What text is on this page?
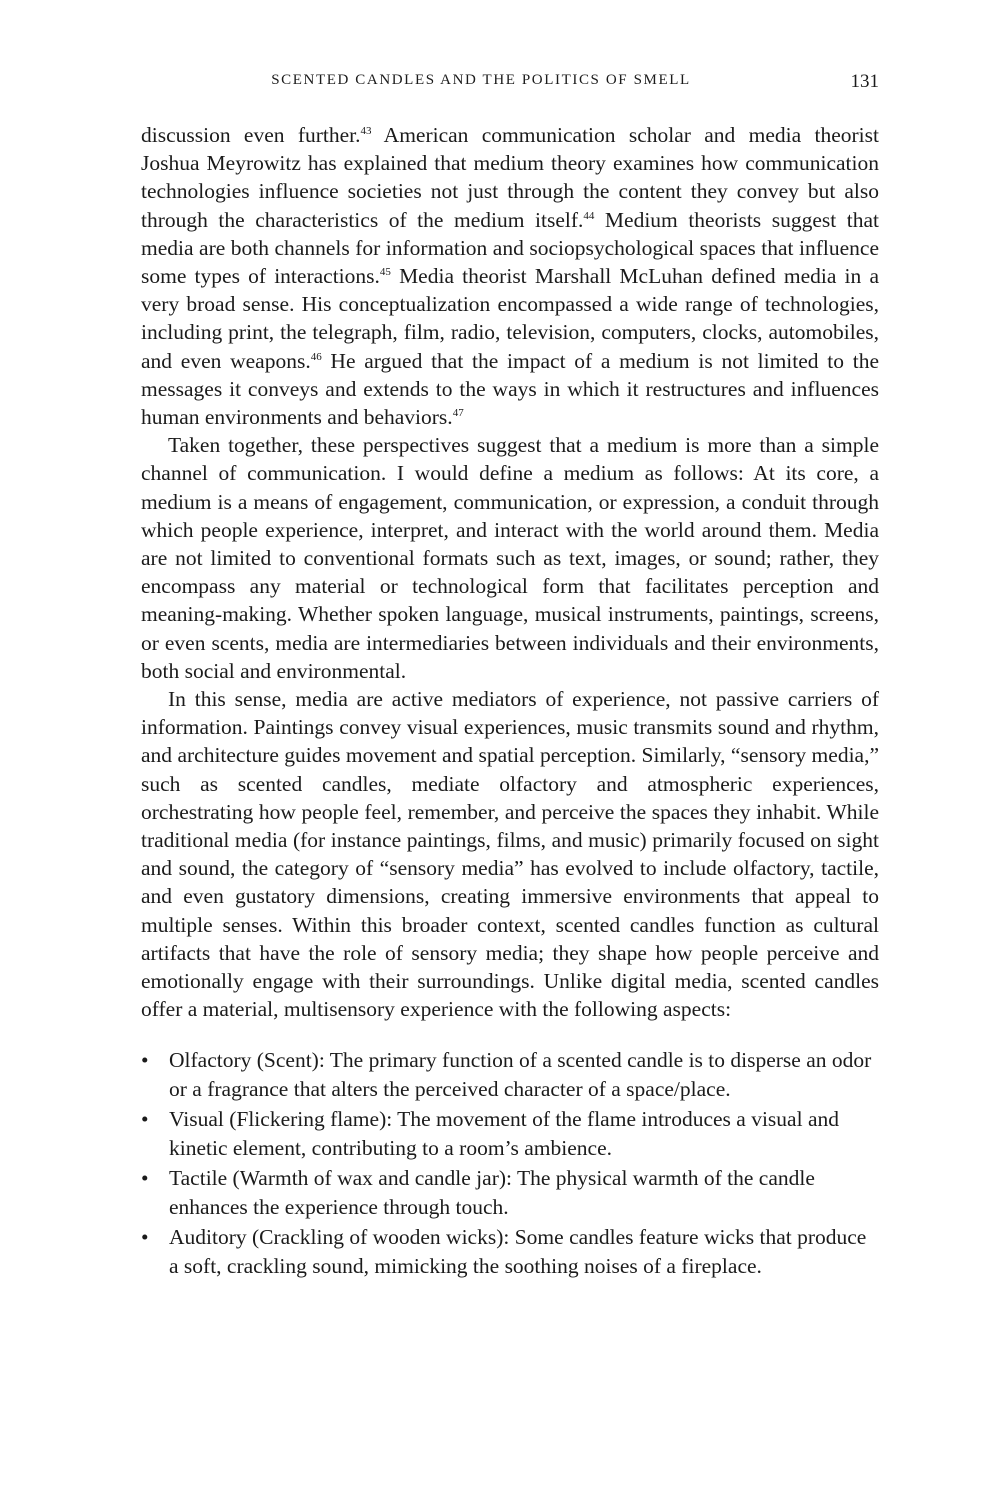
SCENTED CANDLES AND THE POLITICS OF SMELL	131

discussion even further.$^{43}$ American communication scholar and media theorist Joshua Meyrowitz has explained that medium theory examines how communication technologies influence societies not just through the content they convey but also through the characteristics of the medium itself.$^{44}$ Medium theorists suggest that media are both channels for information and sociopsychological spaces that influence some types of interactions.$^{45}$ Media theorist Marshall McLuhan defined media in a very broad sense. His conceptualization encompassed a wide range of technologies, including print, the telegraph, film, radio, television, computers, clocks, automobiles, and even weapons.$^{46}$ He argued that the impact of a medium is not limited to the messages it conveys and extends to the ways in which it restructures and influences human environments and behaviors.$^{47}$

Taken together, these perspectives suggest that a medium is more than a simple channel of communication. I would define a medium as follows: At its core, a medium is a means of engagement, communication, or expression, a conduit through which people experience, interpret, and interact with the world around them. Media are not limited to conventional formats such as text, images, or sound; rather, they encompass any material or technological form that facilitates perception and meaning-making. Whether spoken language, musical instruments, paintings, screens, or even scents, media are intermediaries between individuals and their environments, both social and environmental.

In this sense, media are active mediators of experience, not passive carriers of information. Paintings convey visual experiences, music transmits sound and rhythm, and architecture guides movement and spatial perception. Similarly, “sensory media,” such as scented candles, mediate olfactory and atmospheric experiences, orchestrating how people feel, remember, and perceive the spaces they inhabit. While traditional media (for instance paintings, films, and music) primarily focused on sight and sound, the category of “sensory media” has evolved to include olfactory, tactile, and even gustatory dimensions, creating immersive environments that appeal to multiple senses. Within this broader context, scented candles function as cultural artifacts that have the role of sensory media; they shape how people perceive and emotionally engage with their surroundings. Unlike digital media, scented candles offer a material, multisensory experience with the following aspects:

• Olfactory (Scent): The primary function of a scented candle is to disperse an odor or a fragrance that alters the perceived character of a space/place.
• Visual (Flickering flame): The movement of the flame introduces a visual and kinetic element, contributing to a room’s ambience.
• Tactile (Warmth of wax and candle jar): The physical warmth of the candle enhances the experience through touch.
• Auditory (Crackling of wooden wicks): Some candles feature wicks that produce a soft, crackling sound, mimicking the soothing noises of a fireplace.
